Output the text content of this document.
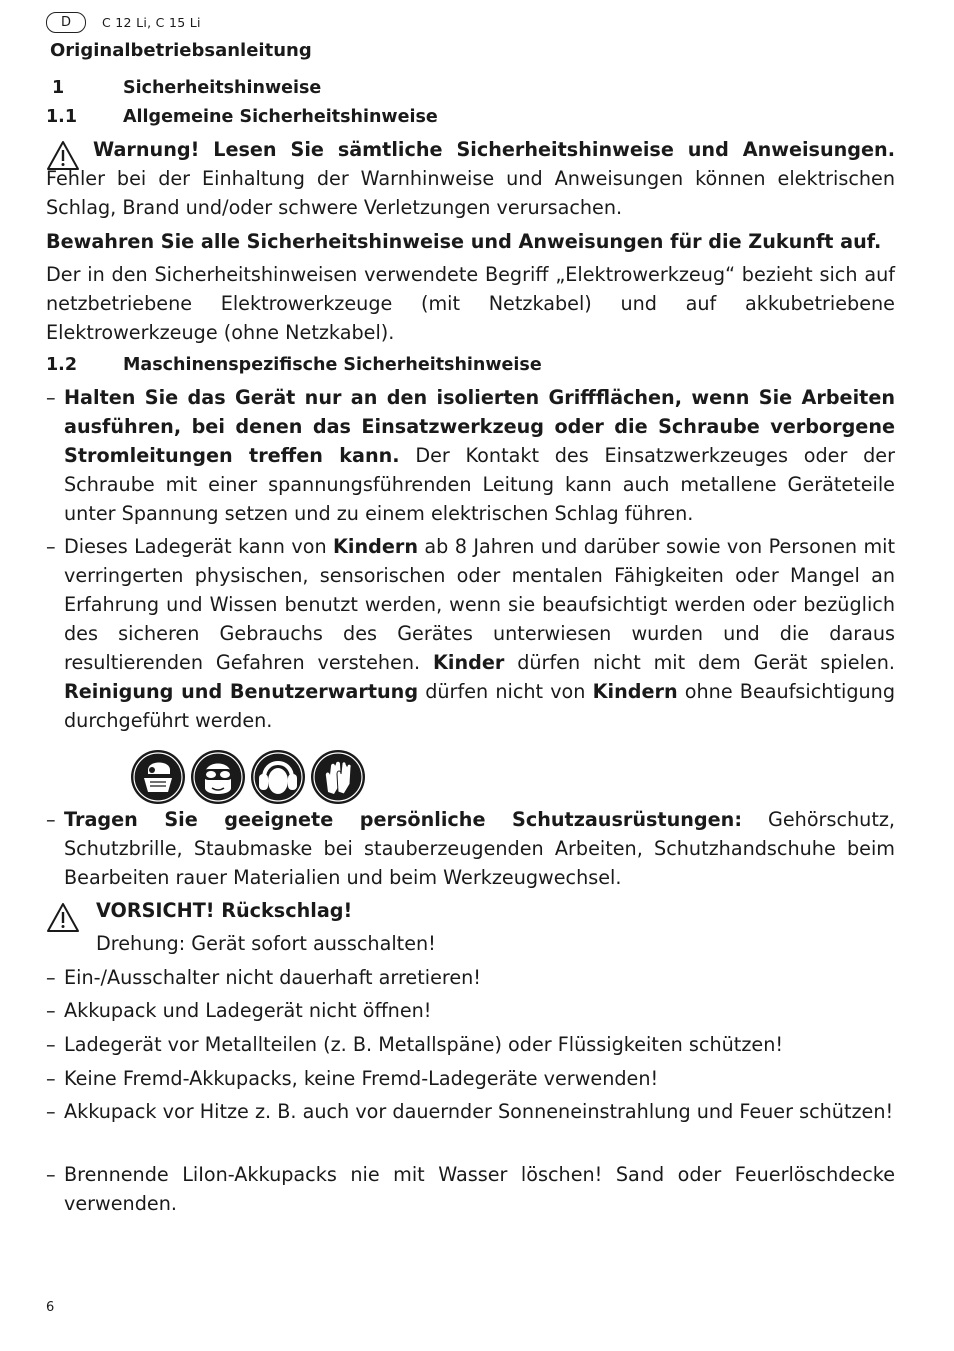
D	C 12 Li, C 15 Li
Originalbetriebsanleitung
1	Sicherheitshinweise
1.1	Allgemeine Sicherheitshinweise
Warnung! Lesen Sie sämtliche Sicherheitshinweise und Anweisungen. Fehler bei der Einhaltung der Warnhinweise und Anweisungen können elektrischen Schlag, Brand und/oder schwere Verletzungen verursachen.
Bewahren Sie alle Sicherheitshinweise und Anweisungen für die Zukunft auf.
Der in den Sicherheitshinweisen verwendete Begriff „Elektrowerkzeug“ bezieht sich auf netzbetriebene Elektrowerkzeuge (mit Netzkabel) und auf akkubetriebene Elektrowerkzeuge (ohne Netzkabel).
1.2	Maschinenspezifische Sicherheitshinweise
– Halten Sie das Gerät nur an den isolierten Griffflächen, wenn Sie Arbeiten ausführen, bei denen das Einsatzwerkzeug oder die Schraube verborgene Stromleitungen treffen kann. Der Kontakt des Einsatzwerkzeuges oder der Schraube mit einer spannungsführenden Leitung kann auch metallene Geräteteile unter Spannung setzen und zu einem elektrischen Schlag führen.
– Dieses Ladegerät kann von Kindern ab 8 Jahren und darüber sowie von Personen mit verringerten physischen, sensorischen oder mentalen Fähigkeiten oder Mangel an Erfahrung und Wissen benutzt werden, wenn sie beaufsichtigt werden oder bezüglich des sicheren Gebrauchs des Gerätes unterwiesen wurden und die daraus resultierenden Gefahren verstehen. Kinder dürfen nicht mit dem Gerät spielen. Reinigung und Benutzerwartung dürfen nicht von Kindern ohne Beaufsichtigung durchgeführt werden.
– Tragen Sie geeignete persönliche Schutzausrüstungen: Gehörschutz, Schutzbrille, Staubmaske bei stauberzeugenden Arbeiten, Schutzhandschuhe beim Bearbeiten rauer Materialien und beim Werkzeugwechsel.
VORSICHT! Rückschlag!
Drehung: Gerät sofort ausschalten!
– Ein-/Ausschalter nicht dauerhaft arretieren!
– Akkupack und Ladegerät nicht öffnen!
– Ladegerät vor Metallteilen (z. B. Metallspäne) oder Flüssigkeiten schützen!
– Keine Fremd-Akkupacks, keine Fremd-Ladegeräte verwenden!
– Akkupack vor Hitze z. B. auch vor dauernder Sonneneinstrahlung und Feuer schützen!
– Brennende LiIon-Akkupacks nie mit Wasser löschen! Sand oder Feuerlöschdecke verwenden.
6
